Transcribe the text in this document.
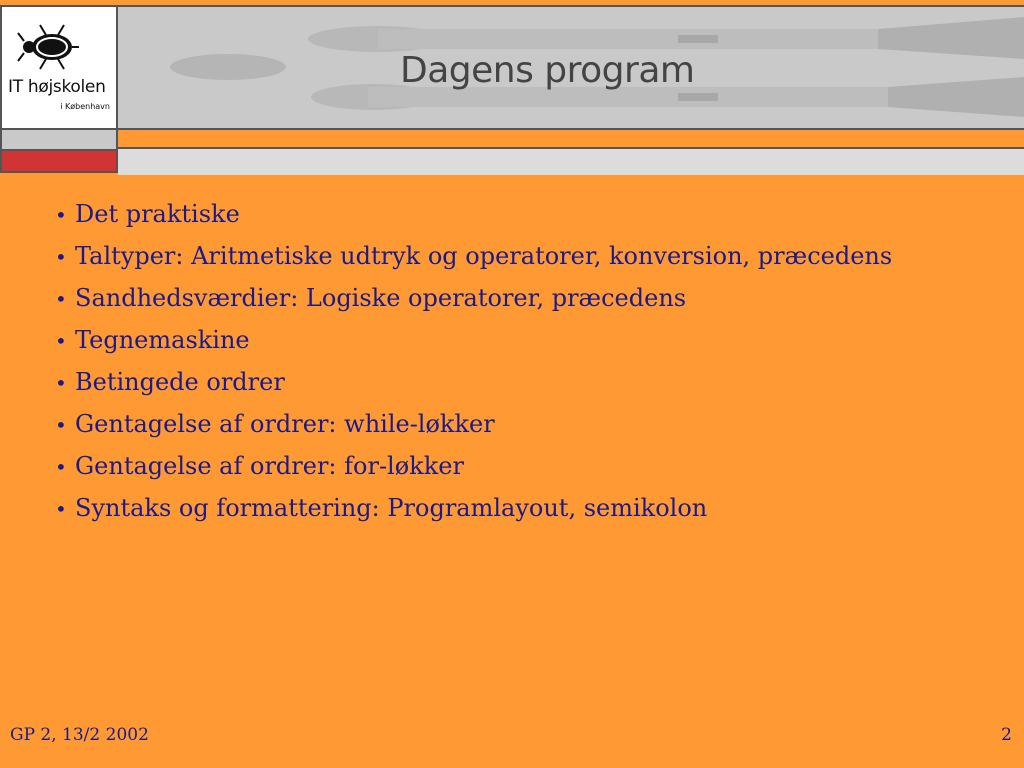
IT højskolen
i København
Dagens program
• Det praktiske
• Taltyper: Aritmetiske udtryk og operatorer, konversion, præcedens
• Sandhedsværdier: Logiske operatorer, præcedens
• Tegnemaskine
• Betingede ordrer
• Gentagelse af ordrer: while-løkker
• Gentagelse af ordrer: for-løkker
• Syntaks og formattering: Programlayout, semikolon
GP 2, 13/2 2002	2
